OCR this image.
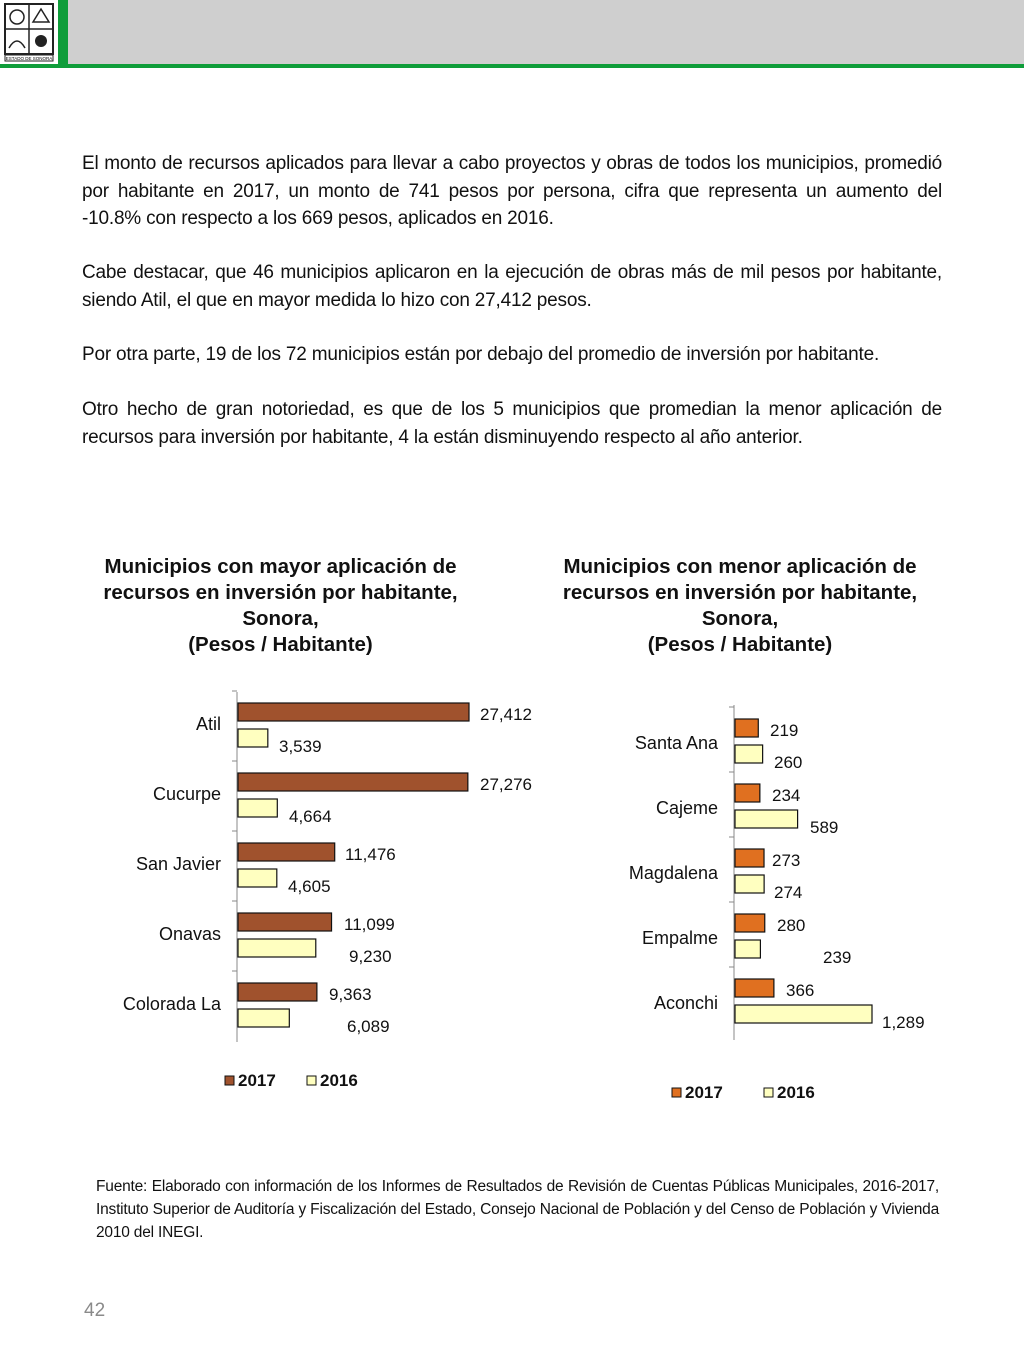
ESTADO DE SONORA

El monto de recursos aplicados para llevar a cabo proyectos y obras de todos los municipios, promedió por habitante en 2017, un monto de 741 pesos por persona, cifra que representa un aumento del -10.8% con respecto a los 669 pesos, aplicados en 2016.

Cabe destacar, que 46 municipios aplicaron en la ejecución de obras más de mil pesos por habitante, siendo Atil, el que en mayor medida lo hizo con 27,412 pesos.

Por otra parte, 19 de los 72 municipios están por debajo del promedio de inversión por habitante.

Otro hecho de gran notoriedad, es que de los 5 municipios que promedian la menor aplicación de recursos para inversión por habitante, 4 la están disminuyendo respecto al año anterior.

Municipios con mayor aplicación de recursos en inversión por habitante, Sonora,
(Pesos / Habitante)
Municipios con menor aplicación de recursos en inversión por habitante, Sonora,
(Pesos / Habitante)
Atil	27,412
3,539
Cucurpe	27,276
4,664
San Javier	11,476
4,605
Onavas	11,099
9,230
Colorada La	9,363
6,089
2017	2016
Santa Ana
219
260
Cajeme
234
589
Magdalena
273
274
Empalme
280
239
Aconchi
366
1,289
2017	2016

Fuente: Elaborado con información de los Informes de Resultados de Revisión de Cuentas Públicas Municipales, 2016-2017, Instituto Superior de Auditoría y Fiscalización del Estado, Consejo Nacional de Población y del Censo de Población y Vivienda 2010 del INEGI.

42
